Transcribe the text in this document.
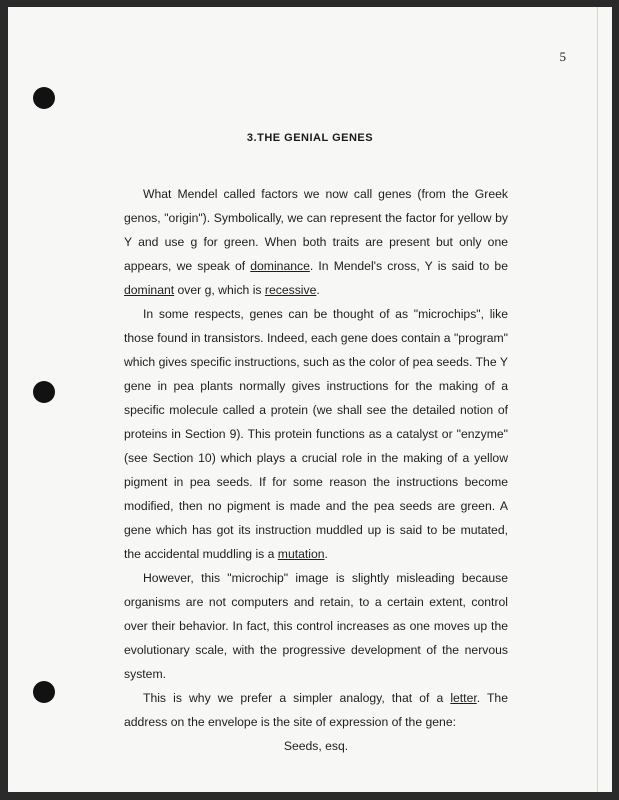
5
3.THE GENIAL GENES

What Mendel called factors we now call genes (from the Greek genos, "origin"). Symbolically, we can represent the factor for yellow by Y and use g for green. When both traits are present but only one appears, we speak of dominance. In Mendel's cross, Y is said to be dominant over g, which is recessive.

In some respects, genes can be thought of as "microchips", like those found in transistors. Indeed, each gene does contain a "program" which gives specific instructions, such as the color of pea seeds. The Y gene in pea plants normally gives instructions for the making of a specific molecule called a protein (we shall see the detailed notion of proteins in Section 9). This protein functions as a catalyst or "enzyme" (see Section 10) which plays a crucial role in the making of a yellow pigment in pea seeds. If for some reason the instructions become modified, then no pigment is made and the pea seeds are green. A gene which has got its instruction muddled up is said to be mutated, the accidental muddling is a mutation.

However, this "microchip" image is slightly misleading because organisms are not computers and retain, to a certain extent, control over their behavior. In fact, this control increases as one moves up the evolutionary scale, with the progressive development of the nervous system.

This is why we prefer a simpler analogy, that of a letter. The address on the envelope is the site of expression of the gene:

Seeds, esq.
